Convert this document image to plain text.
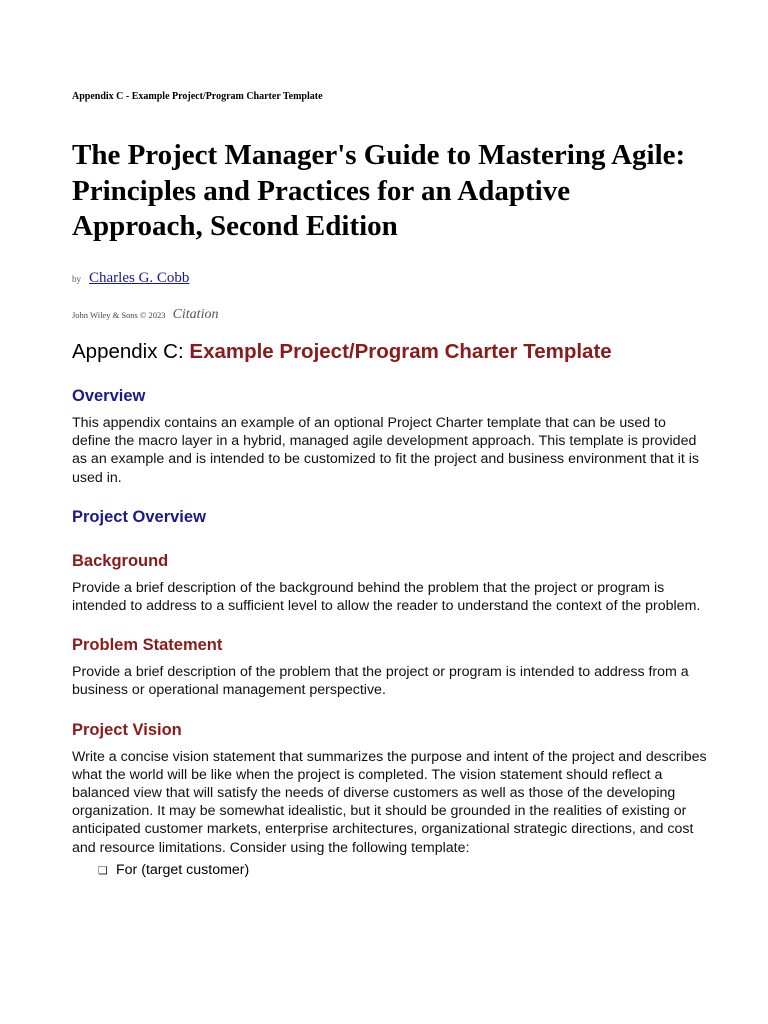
Appendix C - Example Project/Program Charter Template
The Project Manager's Guide to Mastering Agile: Principles and Practices for an Adaptive Approach, Second Edition
by Charles G. Cobb
John Wiley & Sons © 2023 Citation
Appendix C: Example Project/Program Charter Template
Overview

This appendix contains an example of an optional Project Charter template that can be used to define the macro layer in a hybrid, managed agile development approach. This template is provided as an example and is intended to be customized to fit the project and business environment that it is used in.

Project Overview
Background

Provide a brief description of the background behind the problem that the project or program is intended to address to a sufficient level to allow the reader to understand the context of the problem.

Problem Statement

Provide a brief description of the problem that the project or program is intended to address from a business or operational management perspective.

Project Vision

Write a concise vision statement that summarizes the purpose and intent of the project and describes what the world will be like when the project is completed. The vision statement should reflect a balanced view that will satisfy the needs of diverse customers as well as those of the developing organization. It may be somewhat idealistic, but it should be grounded in the realities of existing or anticipated customer markets, enterprise architectures, organizational strategic directions, and cost and resource limitations. Consider using the following template:

❏ For (target customer)
